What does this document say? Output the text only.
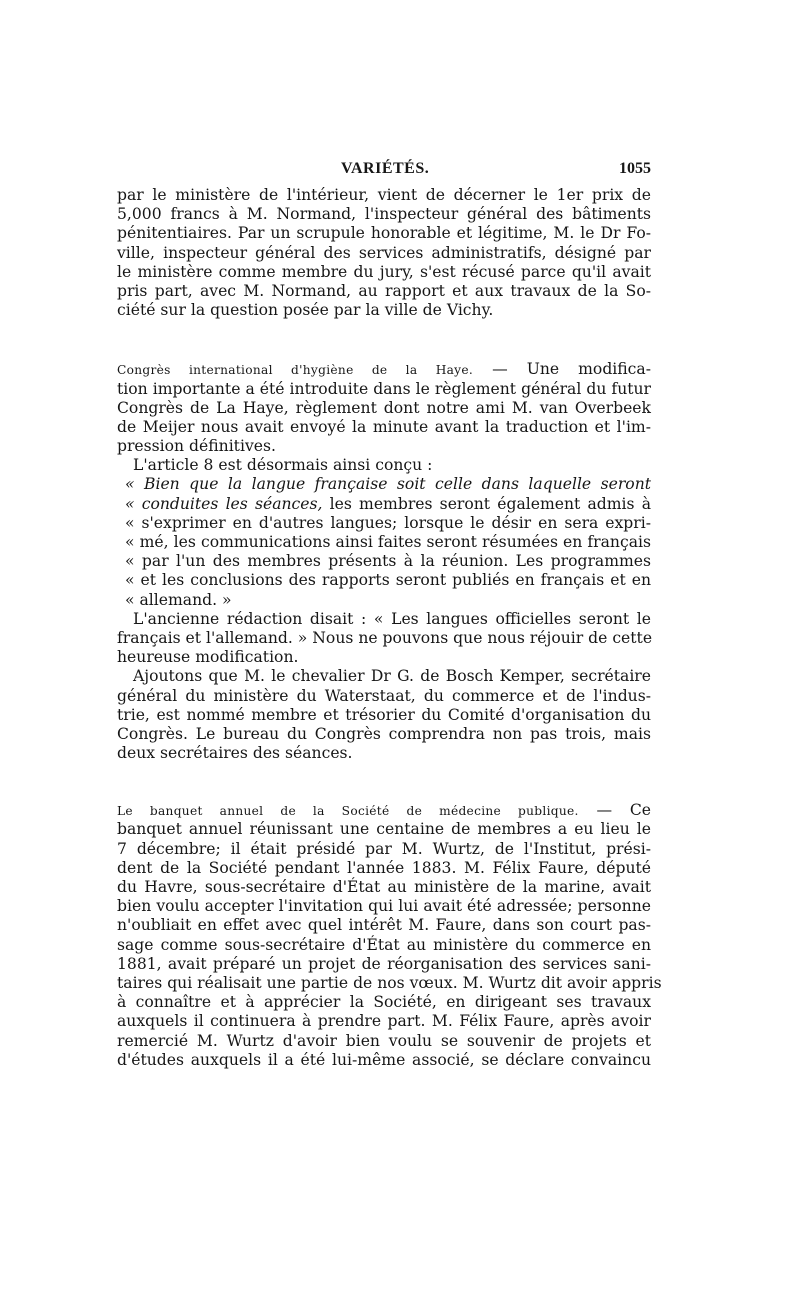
VARIÉTÉS.	1055
par le ministère de l'intérieur, vient de décerner le 1er prix de
5,000 francs à M. Normand, l'inspecteur général des bâtiments
pénitentiaires. Par un scrupule honorable et légitime, M. le Dr Fo-
ville, inspecteur général des services administratifs, désigné par
le ministère comme membre du jury, s'est récusé parce qu'il avait
pris part, avec M. Normand, au rapport et aux travaux de la So-
ciété sur la question posée par la ville de Vichy.
Congrès international d'hygiène de la Haye. — Une modifica-
tion importante a été introduite dans le règlement général du futur
Congrès de La Haye, règlement dont notre ami M. van Overbeek
de Meijer nous avait envoyé la minute avant la traduction et l'im-
pression définitives.
L'article 8 est désormais ainsi conçu :
« Bien que la langue française soit celle dans laquelle seront
« conduites les séances, les membres seront également admis à
« s'exprimer en d'autres langues; lorsque le désir en sera expri-
« mé, les communications ainsi faites seront résumées en français
« par l'un des membres présents à la réunion. Les programmes
« et les conclusions des rapports seront publiés en français et en
« allemand. »
L'ancienne rédaction disait : « Les langues officielles seront le
français et l'allemand. » Nous ne pouvons que nous réjouir de cette
heureuse modification.
Ajoutons que M. le chevalier Dr G. de Bosch Kemper, secrétaire
général du ministère du Waterstaat, du commerce et de l'indus-
trie, est nommé membre et trésorier du Comité d'organisation du
Congrès. Le bureau du Congrès comprendra non pas trois, mais
deux secrétaires des séances.
Le banquet annuel de la Société de médecine publique. — Ce
banquet annuel réunissant une centaine de membres a eu lieu le
7 décembre; il était présidé par M. Wurtz, de l'Institut, prési-
dent de la Société pendant l'année 1883. M. Félix Faure, député
du Havre, sous-secrétaire d'État au ministère de la marine, avait
bien voulu accepter l'invitation qui lui avait été adressée; personne
n'oubliait en effet avec quel intérêt M. Faure, dans son court pas-
sage comme sous-secrétaire d'État au ministère du commerce en
1881, avait préparé un projet de réorganisation des services sani-
taires qui réalisait une partie de nos vœux. M. Wurtz dit avoir appris
à connaître et à apprécier la Société, en dirigeant ses travaux
auxquels il continuera à prendre part. M. Félix Faure, après avoir
remercié M. Wurtz d'avoir bien voulu se souvenir de projets et
d'études auxquels il a été lui-même associé, se déclare convaincu
